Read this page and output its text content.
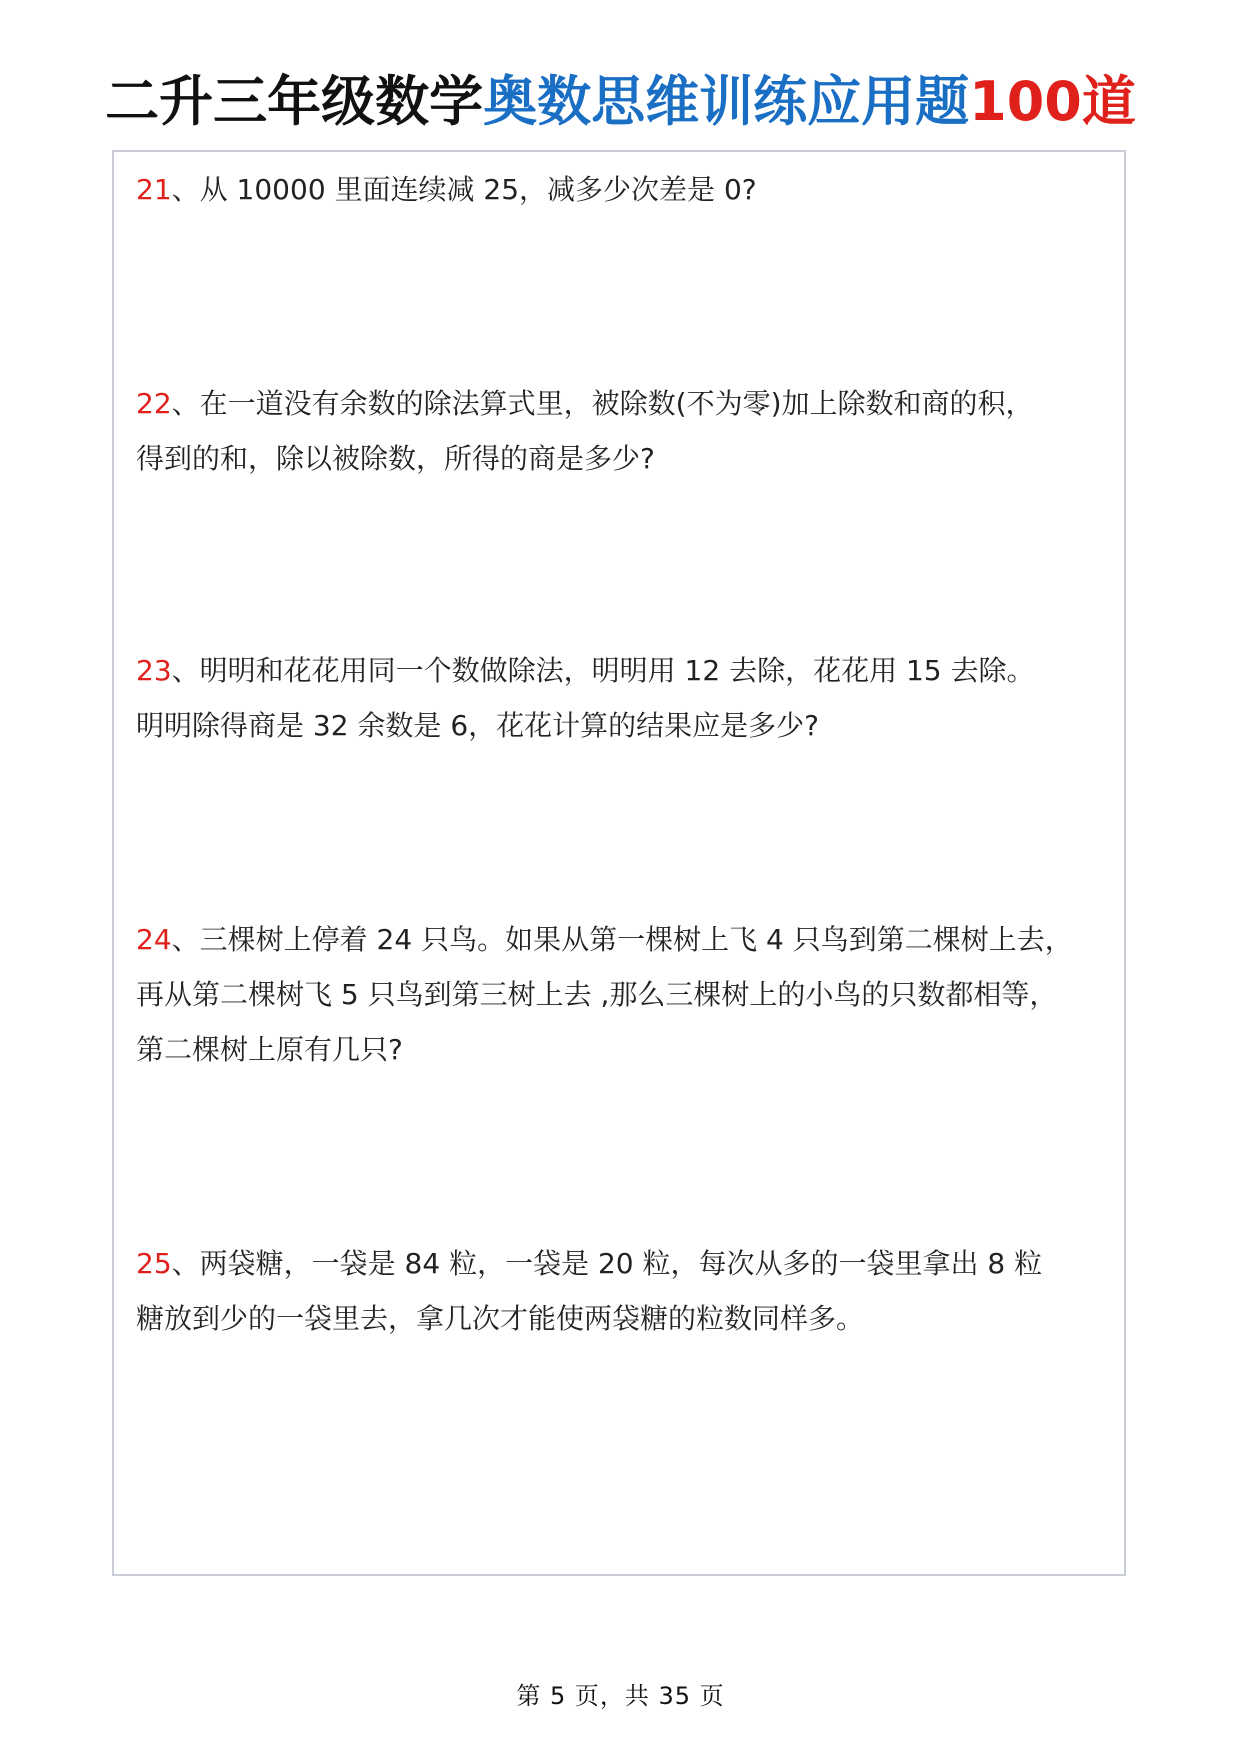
二升三年级数学奥数思维训练应用题100道
21、从 10000 里面连续减 25，减多少次差是 0?
22、在一道没有余数的除法算式里，被除数(不为零)加上除数和商的积，
得到的和，除以被除数，所得的商是多少?
23、明明和花花用同一个数做除法，明明用 12 去除，花花用 15 去除。
明明除得商是 32 余数是 6，花花计算的结果应是多少?
24、三棵树上停着 24 只鸟。如果从第一棵树上飞 4 只鸟到第二棵树上去，
再从第二棵树飞 5 只鸟到第三树上去 ,那么三棵树上的小鸟的只数都相等，
第二棵树上原有几只?
25、两袋糖，一袋是 84 粒，一袋是 20 粒，每次从多的一袋里拿出 8 粒
糖放到少的一袋里去，拿几次才能使两袋糖的粒数同样多。
第 5 页，共 35 页
